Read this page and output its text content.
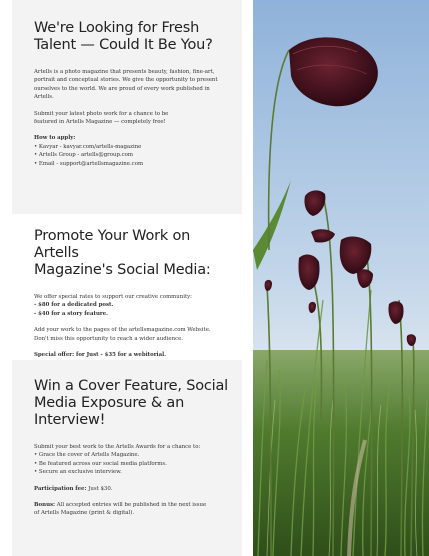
We're Looking for Fresh
Talent — Could It Be You?

Artells is a photo magazine that presents beauty, fashion, fine-art,
portrait and conceptual stories. We give the opportunity to present
ourselves to the world. We are proud of every work published in
Artells.

Submit your latest photo work for a chance to be
featured in Artells Magazine — completely free!

How to apply:

• Kavyar - kavyar.com/artells-magazine
• Artells Group - artells@group.com
• Email - support@artellsmagazine.com
Promote Your Work on Artells
Magazine's Social Media:

We offer special rates to support our creative community:
- $80 for a dedicated post.
- $40 for a story feature.

Add your work to the pages of the artellsmagazine.com Website.
Don't miss this opportunity to reach a wider audience.

Special offer: for Just - $35 for a webitorial.

Win a Cover Feature, Social
Media Exposure & an Interview!

Submit your best work to the Artells Awards for a chance to:

• Grace the cover of Artells Magazine.
• Be featured across our social media platforms.
• Secure an exclusive interview.

Participation fee: Just $30.

Bonus: All accepted entries will be published in the next issue
of Artells Magazine (print & digital).
